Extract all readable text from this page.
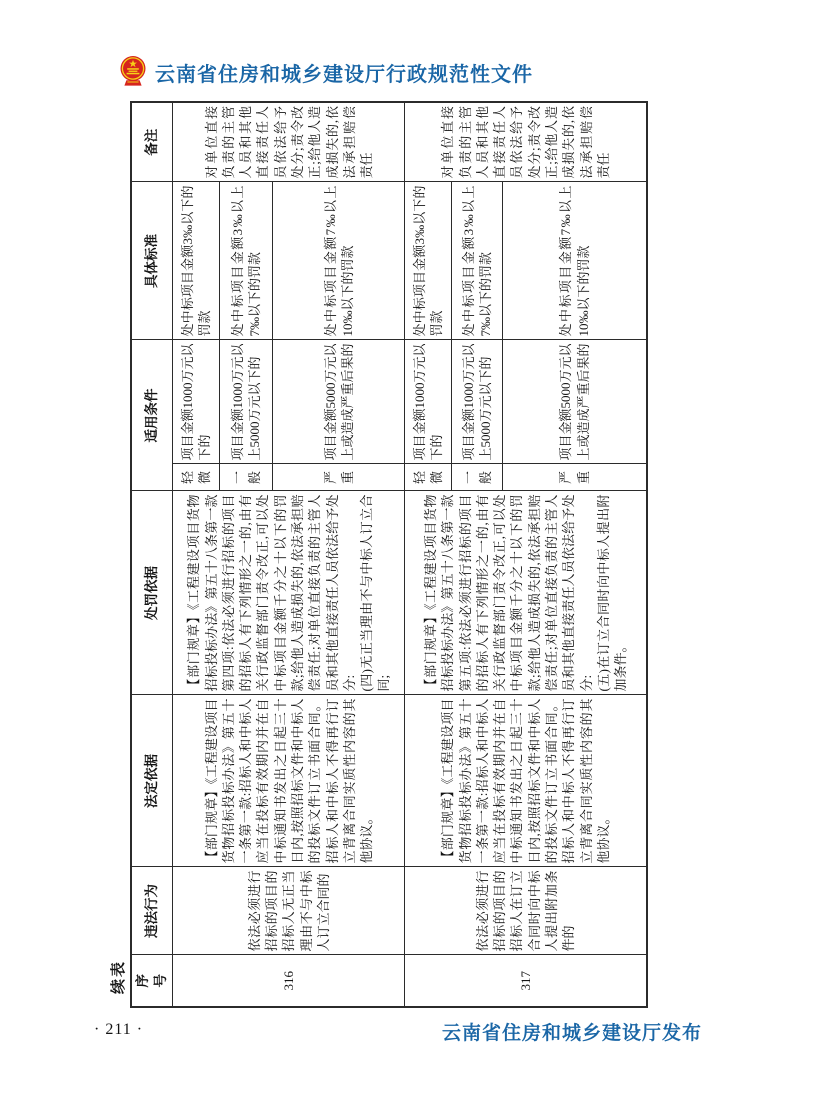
云南省住房和城乡建设厅行政规范性文件
续表 序号	违法行为	法定依据	处罚依据	适用条件		具体标准	备注
316	依法必须进行招标的项目的招标人无正当理由不与中标人订立合同的	【部门规章】《工程建设项目货物招标投标办法》第五十一条第一款:招标人和中标人应当在投标有效期内并在自中标通知书发出之日起三十日内,按照招标文件和中标人的投标文件订立书面合同。招标人和中标人不得再行订立背离合同实质性内容的其他协议。	【部门规章】《工程建设项目货物招标投标办法》第五十八条第一款第四项:依法必须进行招标的项目的招标人有下列情形之一的,由有关行政监督部门责令改正,可以处中标项目金额千分之十以下的罚款;给他人造成损失的,依法承担赔偿责任;对单位直接负责的主管人员和其他直接责任人员依法给予处分: (四)无正当理由不与中标人订立合同;	轻微	项目金额1000万元以下的	处中标项目金额3‰以下的罚款	对单位直接负责的主管人员和其他直接责任人员依法给予处分;责令改正;给他人造成损失的,依法承担赔偿责任
				一般	项目金额1000万元以上5000万元以下的	处中标项目金额3‰以上7‰以下的罚款	
				严重	项目金额5000万元以上或造成严重后果的	处中标项目金额7‰以上10‰以下的罚款	
317	依法必须进行招标的项目的招标人在订立合同时向中标人提出附加条件的	【部门规章】《工程建设项目货物招标投标办法》第五十一条第一款:招标人和中标人应当在投标有效期内并在自中标通知书发出之日起三十日内,按照招标文件和中标人的投标文件订立书面合同。招标人和中标人不得再行订立背离合同实质性内容的其他协议。	【部门规章】《工程建设项目货物招标投标办法》第五十八条第一款第五项:依法必须进行招标的项目的招标人有下列情形之一的,由有关行政监督部门责令改正,可以处中标项目金额千分之十以下的罚款;给他人造成损失的,依法承担赔偿责任;对单位直接负责的主管人员和其他直接责任人员依法给予处分: (五)在订立合同时向中标人提出附加条件。	轻微	项目金额1000万元以下的	处中标项目金额3‰以下的罚款	对单位直接负责的主管人员和其他直接责任人员依法给予处分;责令改正;给他人造成损失的,依法承担赔偿责任
				一般	项目金额1000万元以上5000万元以下的	处中标项目金额3‰以上7‰以下的罚款	
				严重	项目金额5000万元以上或造成严重后果的	处中标项目金额7‰以上10‰以下的罚款	
· 211 ·	云南省住房和城乡建设厅发布
